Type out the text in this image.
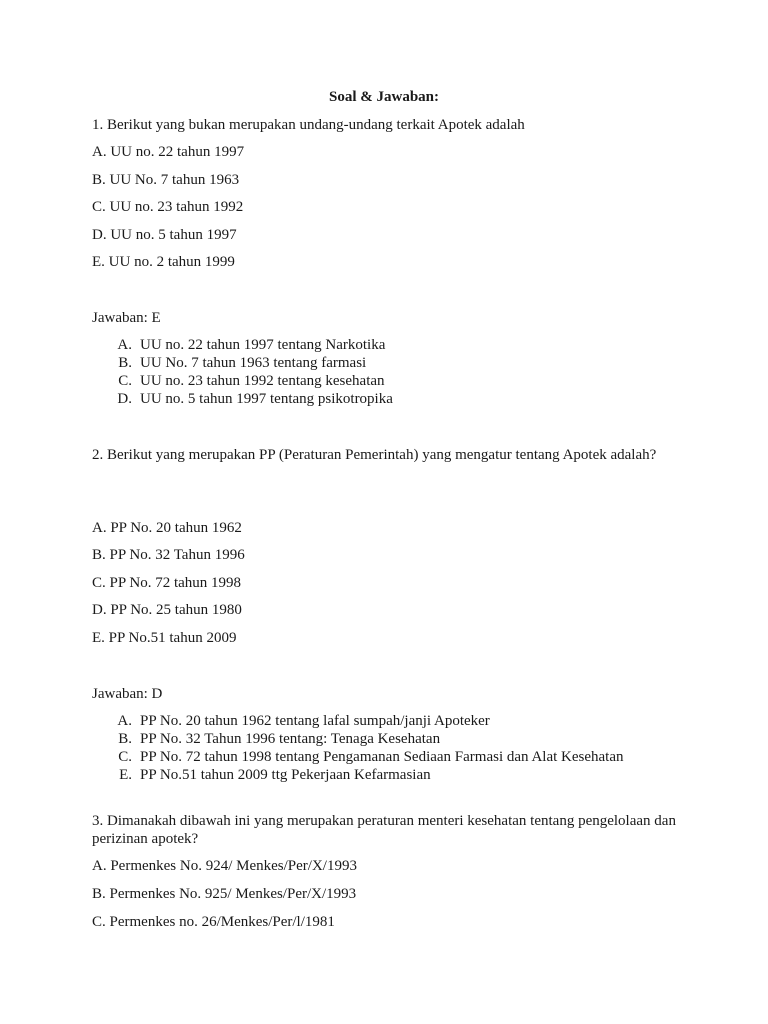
Soal & Jawaban:
1. Berikut yang bukan merupakan undang-undang terkait Apotek adalah
A. UU no. 22 tahun 1997
B. UU No. 7 tahun 1963
C. UU no. 23 tahun 1992
D. UU no. 5 tahun 1997
E. UU no. 2 tahun 1999
Jawaban: E
A. UU no. 22 tahun 1997 tentang Narkotika
B. UU No. 7 tahun 1963 tentang farmasi
C. UU no. 23 tahun 1992 tentang kesehatan
D. UU no. 5 tahun 1997 tentang psikotropika
2. Berikut yang merupakan PP (Peraturan Pemerintah) yang mengatur tentang Apotek adalah?
A. PP No. 20 tahun 1962
B. PP No. 32 Tahun 1996
C. PP No. 72 tahun 1998
D. PP No. 25 tahun 1980
E. PP No.51 tahun 2009
Jawaban: D
A. PP No. 20 tahun 1962 tentang lafal sumpah/janji Apoteker
B. PP No. 32 Tahun 1996 tentang: Tenaga Kesehatan
C. PP No. 72 tahun 1998 tentang Pengamanan Sediaan Farmasi dan Alat Kesehatan
E. PP No.51 tahun 2009 ttg Pekerjaan Kefarmasian
3. Dimanakah dibawah ini yang merupakan peraturan menteri kesehatan tentang pengelolaan dan perizinan apotek?
A. Permenkes No. 924/ Menkes/Per/X/1993
B. Permenkes No. 925/ Menkes/Per/X/1993
C. Permenkes no. 26/Menkes/Per/l/1981
